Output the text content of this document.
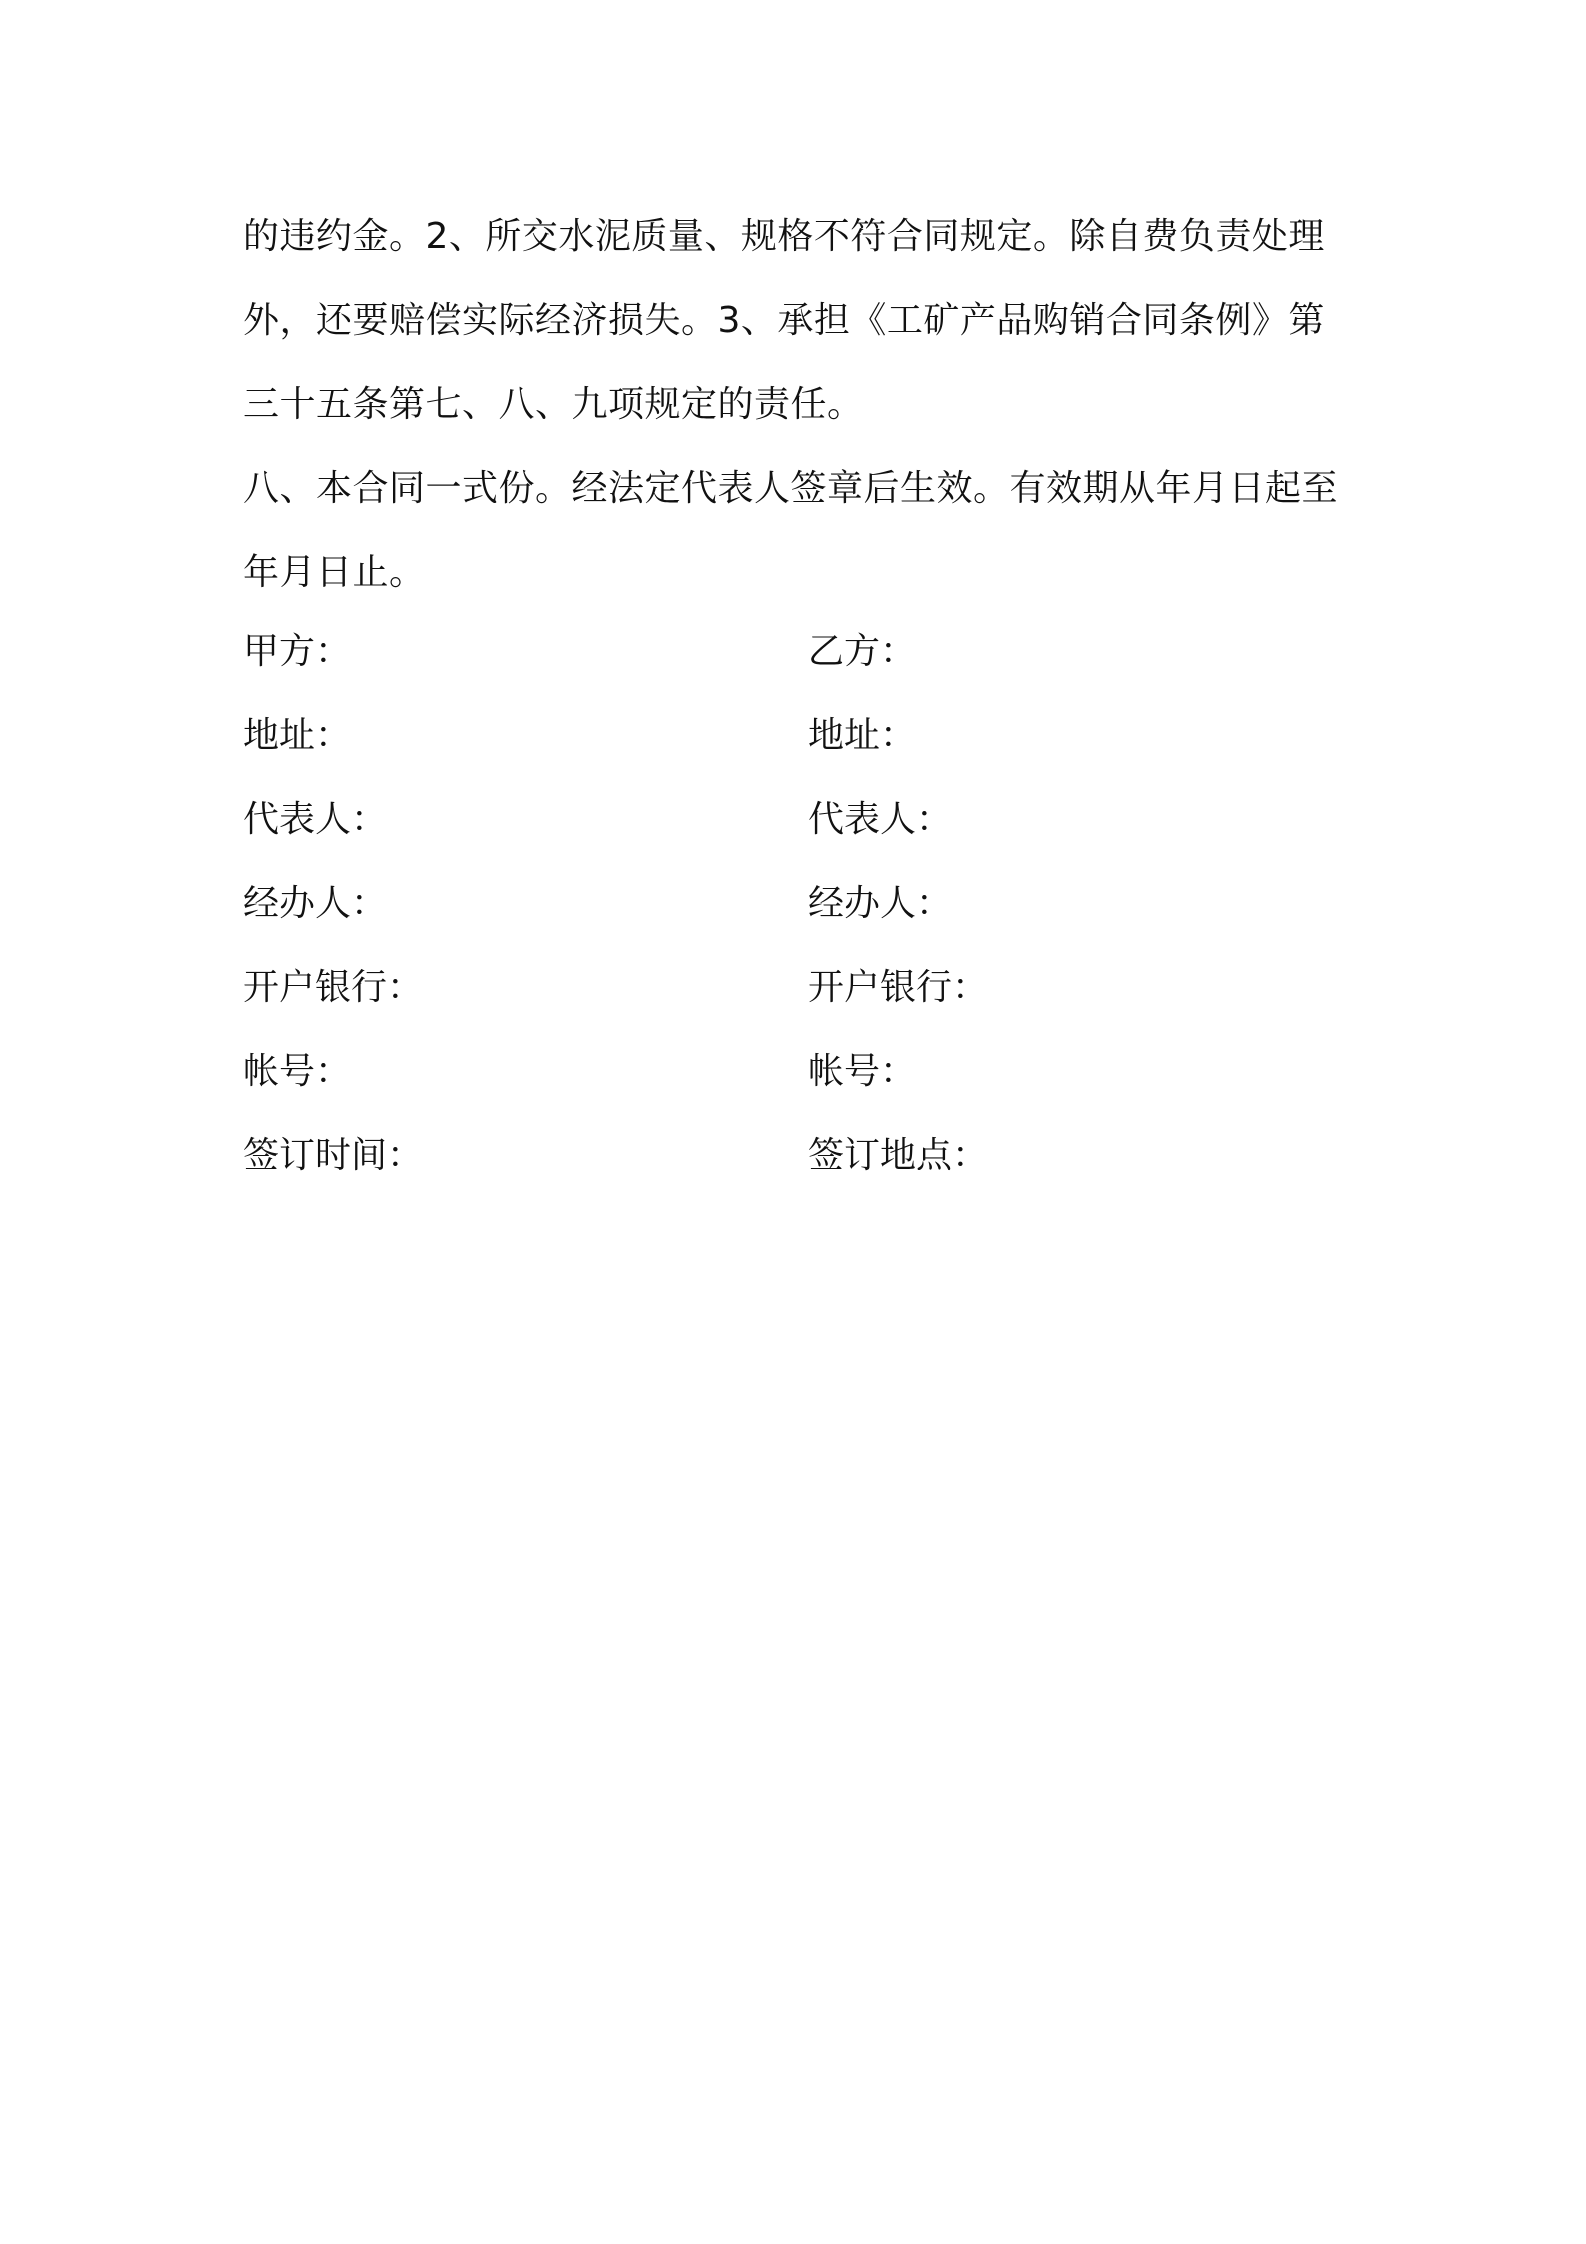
的违约金。2、所交水泥质量、规格不符合同规定。除自费负责处理
外，还要赔偿实际经济损失。3、承担《工矿产品购销合同条例》第
三十五条第七、八、九项规定的责任。
八、本合同一式份。经法定代表人签章后生效。有效期从年月日起至
年月日止。
甲方：	乙方：
地址：	地址：
代表人：	代表人：
经办人：	经办人：
开户银行：	开户银行：
帐号：	帐号：
签订时间：	签订地点：
